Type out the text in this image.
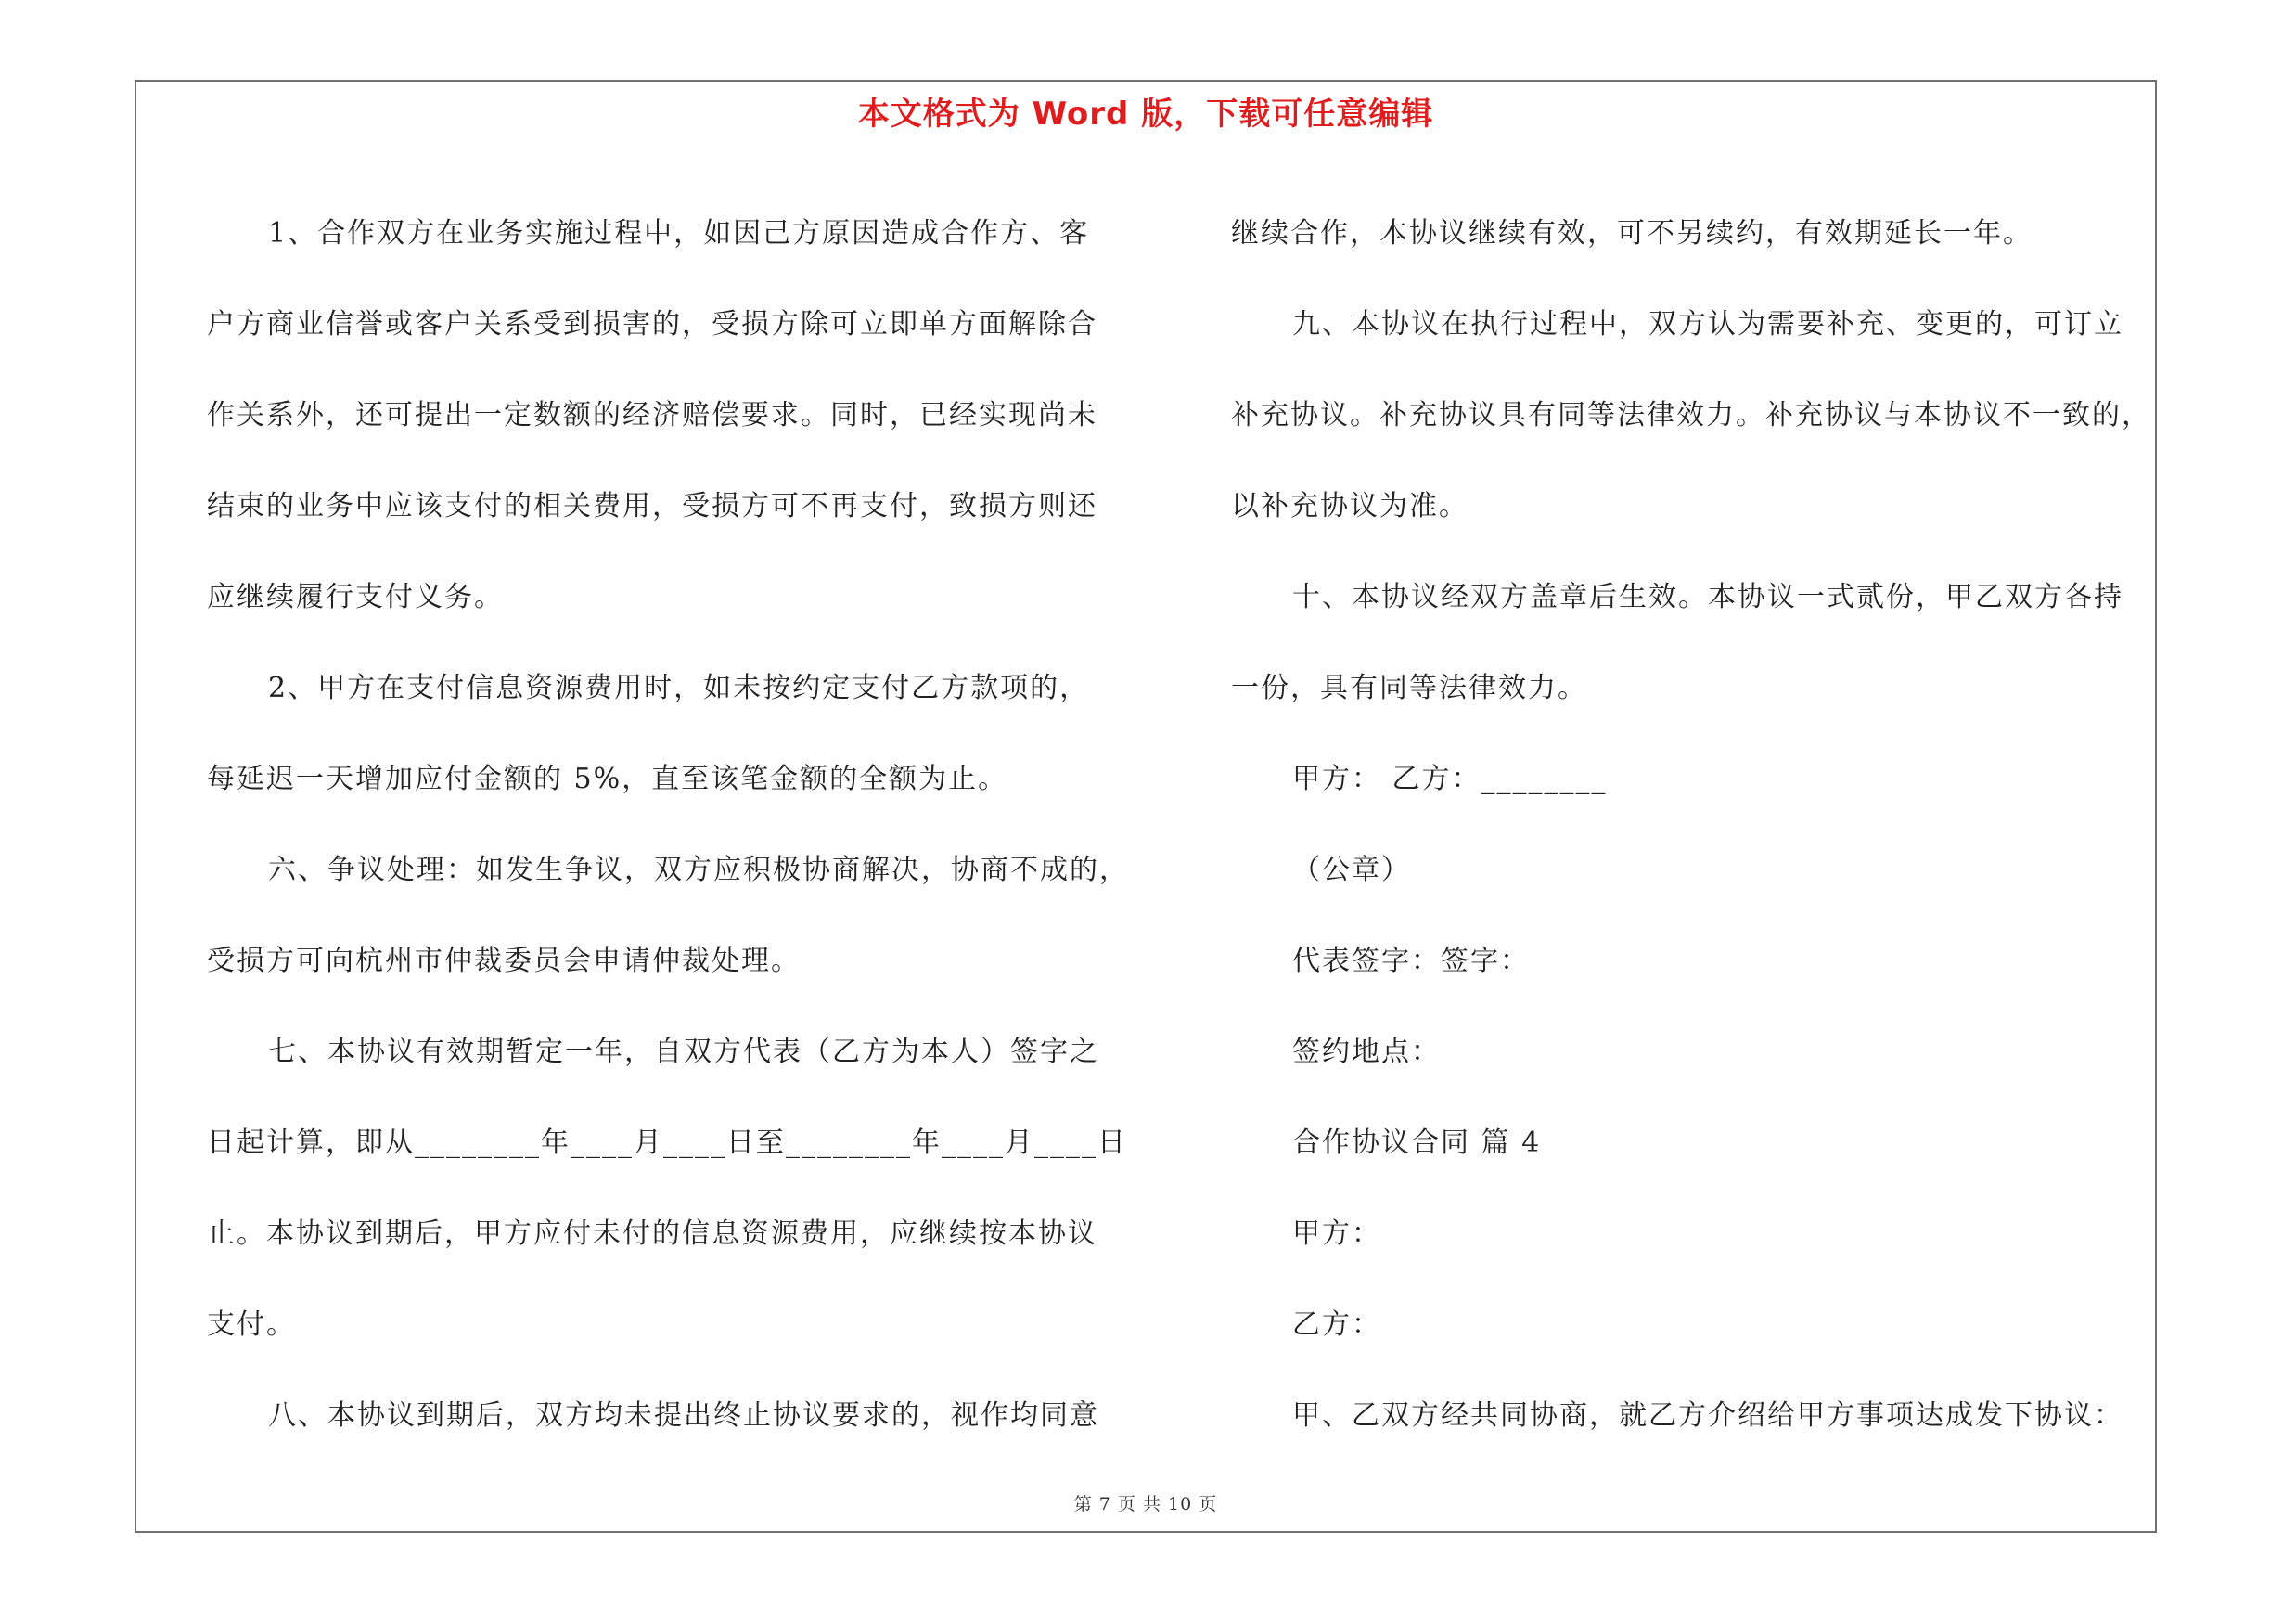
本文格式为 Word 版，下载可任意编辑
1、合作双方在业务实施过程中，如因己方原因造成合作方、客
户方商业信誉或客户关系受到损害的，受损方除可立即单方面解除合
作关系外，还可提出一定数额的经济赔偿要求。同时，已经实现尚未
结束的业务中应该支付的相关费用，受损方可不再支付，致损方则还
应继续履行支付义务。
2、甲方在支付信息资源费用时，如未按约定支付乙方款项的，
每延迟一天增加应付金额的 5%，直至该笔金额的全额为止。
六、争议处理：如发生争议，双方应积极协商解决，协商不成的，
受损方可向杭州市仲裁委员会申请仲裁处理。
七、本协议有效期暂定一年，自双方代表（乙方为本人）签字之
日起计算，即从________年____月____日至________年____月____日
止。本协议到期后，甲方应付未付的信息资源费用，应继续按本协议
支付。
八、本协议到期后，双方均未提出终止协议要求的，视作均同意
继续合作，本协议继续有效，可不另续约，有效期延长一年。
九、本协议在执行过程中，双方认为需要补充、变更的，可订立
补充协议。补充协议具有同等法律效力。补充协议与本协议不一致的，
以补充协议为准。
十、本协议经双方盖章后生效。本协议一式贰份，甲乙双方各持
一份，具有同等法律效力。
甲方： 乙方：________
（公章）
代表签字：签字：
签约地点：
合作协议合同 篇 4
甲方：
乙方：
甲、乙双方经共同协商，就乙方介绍给甲方事项达成发下协议：
第 7 页 共 10 页
